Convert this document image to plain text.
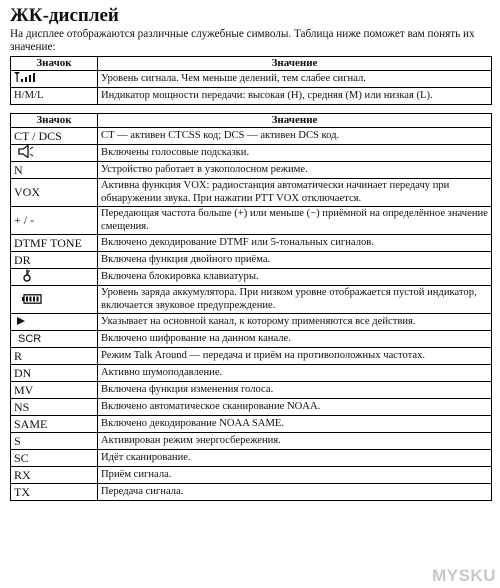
ЖК-дисплей

На дисплее отображаются различные служебные символы. Таблица ниже поможет вам понять их значение:

Значок	Значение
	Уровень сигнала. Чем меньше делений, тем слабее сигнал.
H/M/L	Индикатор мощности передачи: высокая (H), средняя (M) или низкая (L).
Значок	Значение
CT / DCS	CT — активен CTCSS код; DCS — активен DCS код.
	Включены голосовые подсказки.
N	Устройство работает в узкополосном режиме.
VOX	Активна функция VOX: радиостанция автоматически начинает передачу при обнаружении звука. При нажатии PTT VOX отключается.
+ / -	Передающая частота больше (+) или меньше (−) приёмной на определённое значение смещения.
DTMF TONE	Включено декодирование DTMF или 5-тональных сигналов.
DR	Включена функция двойного приёма.
	Включена блокировка клавиатуры.
	Уровень заряда аккумулятора. При низком уровне отображается пустой индикатор, включается звуковое предупреждение.
	Указывает на основной канал, к которому применяются все действия.
SCR	Включено шифрование на данном канале.
R	Режим Talk Around — передача и приём на противоположных частотах.
DN	Активно шумоподавление.
MV	Включена функция изменения голоса.
NS	Включено автоматическое сканирование NOAA.
SAME	Включено декодирование NOAA SAME.
S	Активирован режим энергосбережения.
SC	Идёт сканирование.
RX	Приём сигнала.
TX	Передача сигнала.
MYSKU
